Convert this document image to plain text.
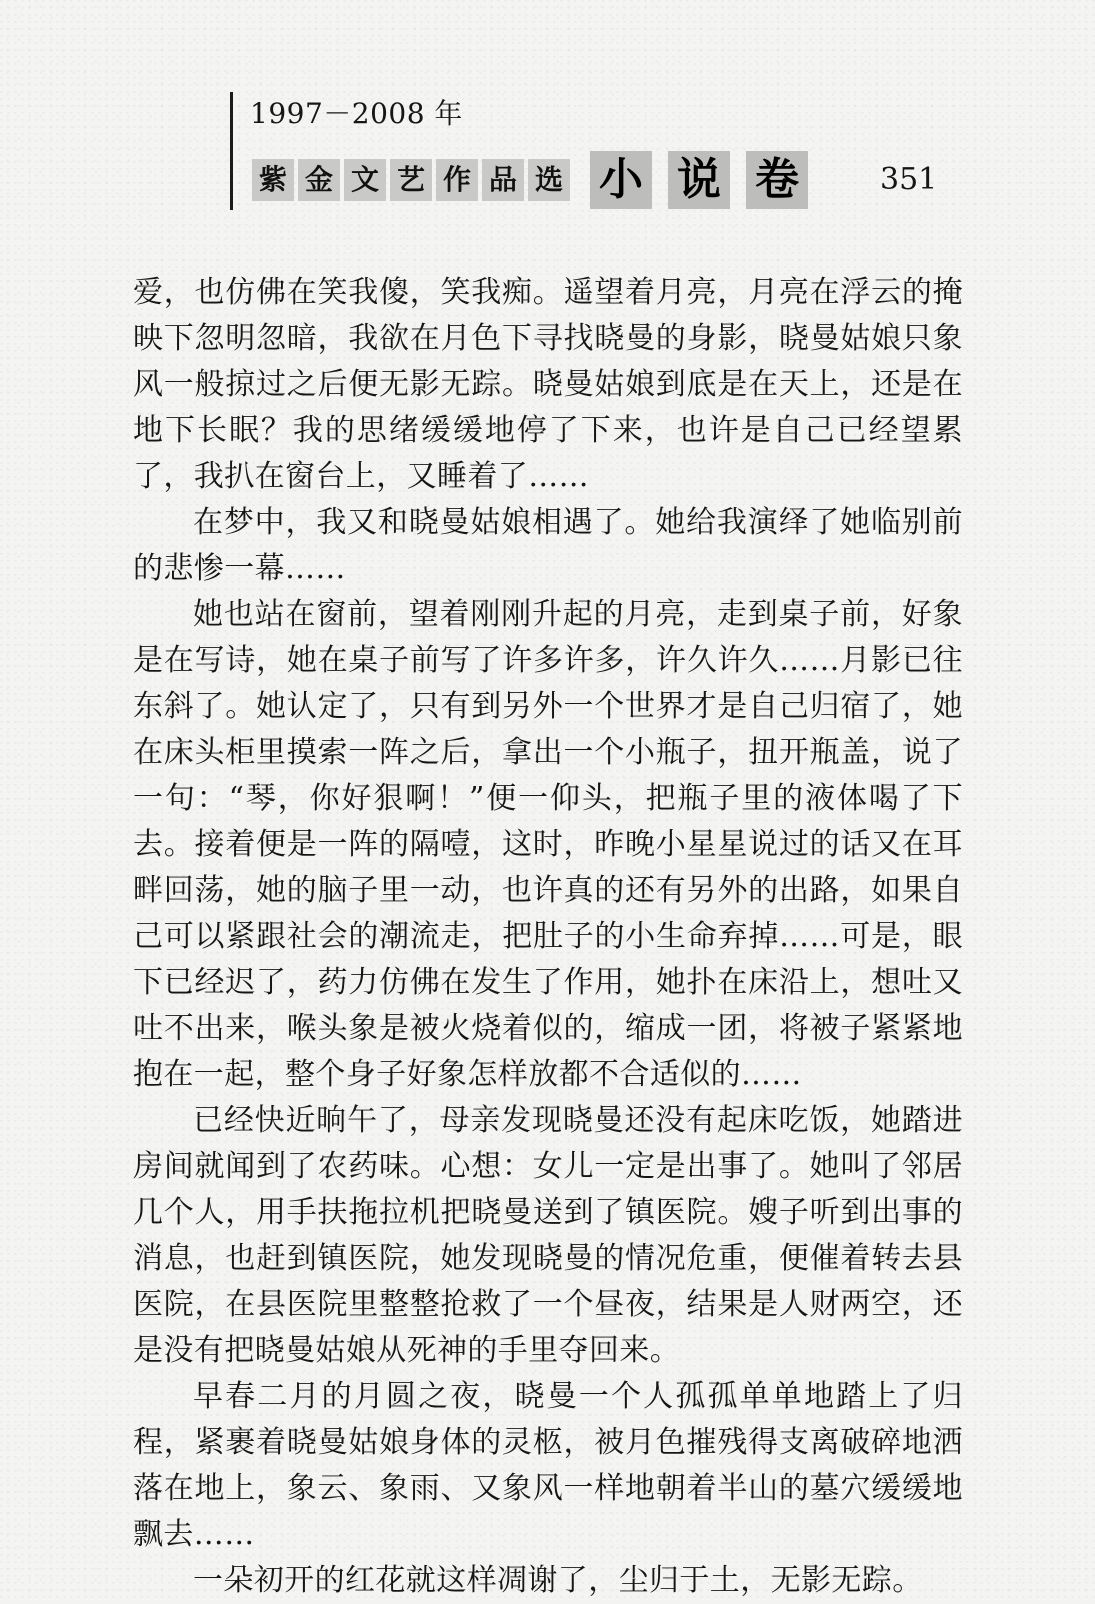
1997－2008 年
紫 金 文 艺 作 品 选 小 说 卷	351

爱，也仿佛在笑我傻，笑我痴。遥望着月亮，月亮在浮云的掩映下忽明忽暗，我欲在月色下寻找晓曼的身影，晓曼姑娘只象风一般掠过之后便无影无踪。晓曼姑娘到底是在天上，还是在地下长眠？我的思绪缓缓地停了下来，也许是自己已经望累了，我扒在窗台上，又睡着了……

在梦中，我又和晓曼姑娘相遇了。她给我演绎了她临别前的悲惨一幕……

她也站在窗前，望着刚刚升起的月亮，走到桌子前，好象是在写诗，她在桌子前写了许多许多，许久许久……月影已往东斜了。她认定了，只有到另外一个世界才是自己归宿了，她在床头柜里摸索一阵之后，拿出一个小瓶子，扭开瓶盖，说了一句：“琴，你好狠啊！”便一仰头，把瓶子里的液体喝了下去。接着便是一阵的隔噎，这时，昨晚小星星说过的话又在耳畔回荡，她的脑子里一动，也许真的还有另外的出路，如果自己可以紧跟社会的潮流走，把肚子的小生命弃掉……可是，眼下已经迟了，药力仿佛在发生了作用，她扑在床沿上，想吐又吐不出来，喉头象是被火烧着似的，缩成一团，将被子紧紧地抱在一起，整个身子好象怎样放都不合适似的……

已经快近晌午了，母亲发现晓曼还没有起床吃饭，她踏进房间就闻到了农药味。心想：女儿一定是出事了。她叫了邻居几个人，用手扶拖拉机把晓曼送到了镇医院。嫂子听到出事的消息，也赶到镇医院，她发现晓曼的情况危重，便催着转去县医院，在县医院里整整抢救了一个昼夜，结果是人财两空，还是没有把晓曼姑娘从死神的手里夺回来。

早春二月的月圆之夜，晓曼一个人孤孤单单地踏上了归程，紧裹着晓曼姑娘身体的灵柩，被月色摧残得支离破碎地洒落在地上，象云、象雨、又象风一样地朝着半山的墓穴缓缓地飘去……

一朵初开的红花就这样凋谢了，尘归于土，无影无踪。
